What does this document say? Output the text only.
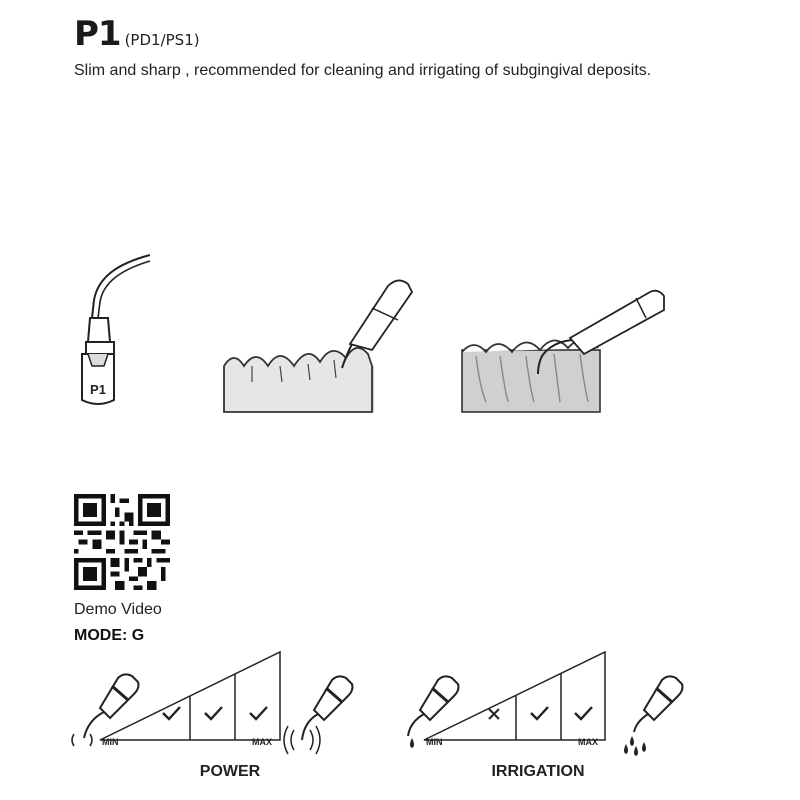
P1 (PD1/PS1)
Slim and sharp , recommended for cleaning and irrigating of subgingival deposits.
P1
Demo Video
MODE: G
MIN	MAX
POWER
MIN	MAX
IRRIGATION
